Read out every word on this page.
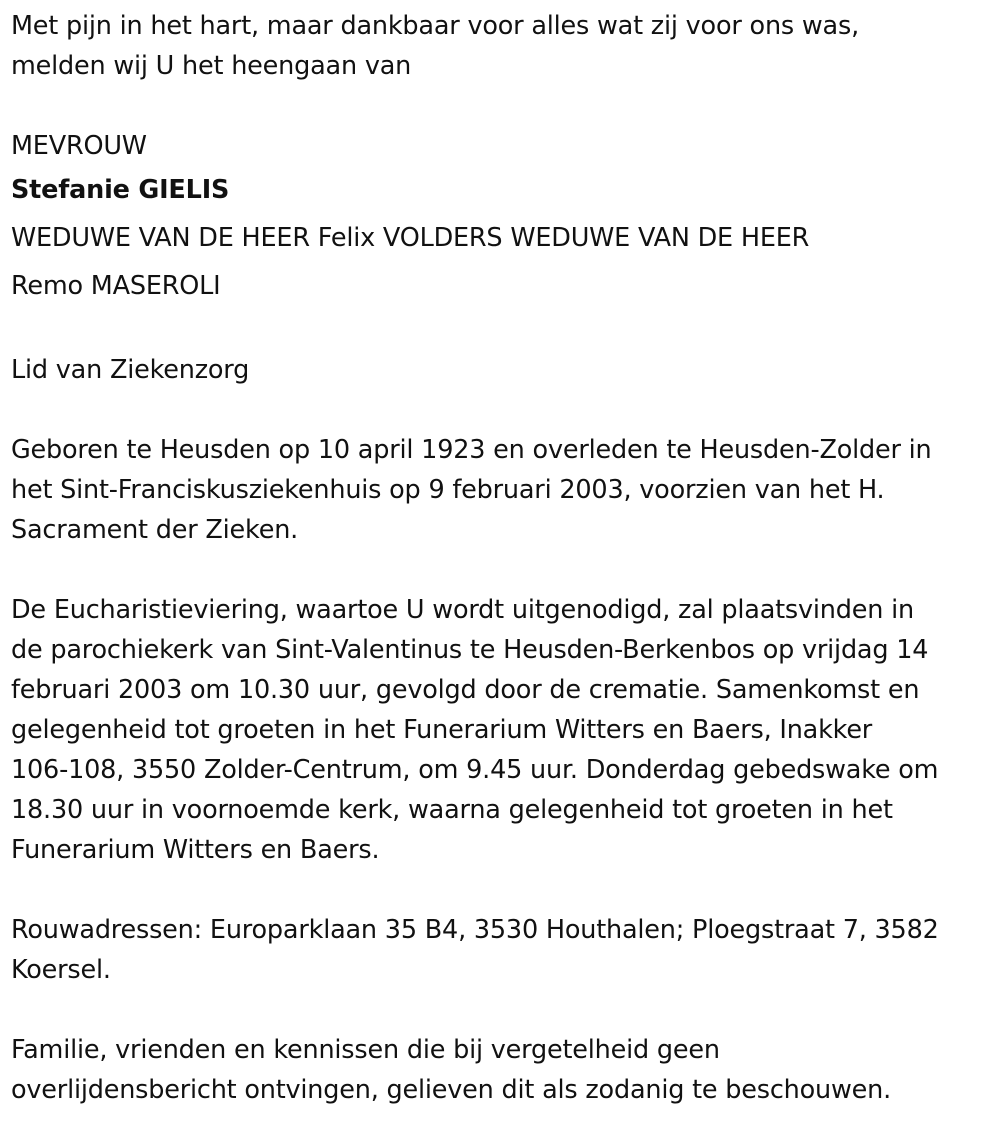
Met pijn in het hart, maar dankbaar voor alles wat zij voor ons was,
melden wij U het heengaan van

MEVROUW

Stefanie GIELIS

WEDUWE VAN DE HEER Felix VOLDERS WEDUWE VAN DE HEER

Remo MASEROLI

Lid van Ziekenzorg

Geboren te Heusden op 10 april 1923 en overleden te Heusden-Zolder in
het Sint-Franciskusziekenhuis op 9 februari 2003, voorzien van het H.
Sacrament der Zieken.

De Eucharistieviering, waartoe U wordt uitgenodigd, zal plaatsvinden in
de parochiekerk van Sint-Valentinus te Heusden-Berkenbos op vrijdag 14
februari 2003 om 10.30 uur, gevolgd door de crematie. Samenkomst en
gelegenheid tot groeten in het Funerarium Witters en Baers, Inakker
106-108, 3550 Zolder-Centrum, om 9.45 uur. Donderdag gebedswake om
18.30 uur in voornoemde kerk, waarna gelegenheid tot groeten in het
Funerarium Witters en Baers.

Rouwadressen: Europarklaan 35 B4, 3530 Houthalen; Ploegstraat 7, 3582
Koersel.

Familie, vrienden en kennissen die bij vergetelheid geen
overlijdensbericht ontvingen, gelieven dit als zodanig te beschouwen.
